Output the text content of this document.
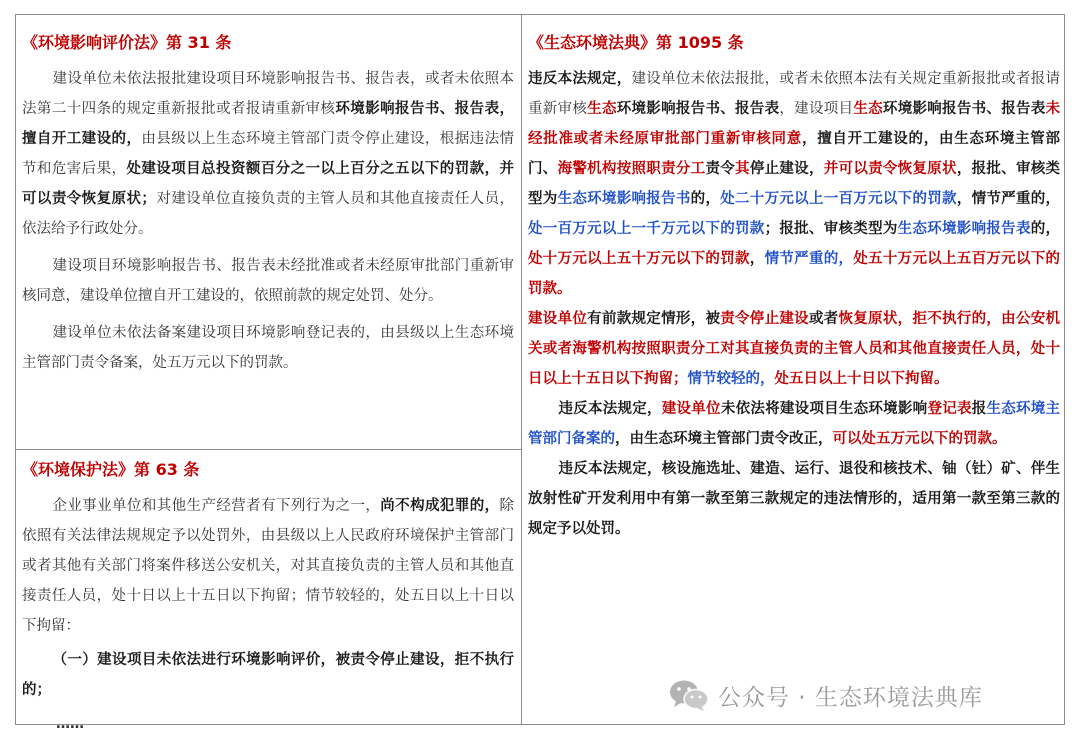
《环境影响评价法》第 31 条

建设单位未依法报批建设项目环境影响报告书、报告表，或者未依照本法第二十四条的规定重新报批或者报请重新审核环境影响报告书、报告表，擅自开工建设的，由县级以上生态环境主管部门责令停止建设，根据违法情节和危害后果，处建设项目总投资额百分之一以上百分之五以下的罚款，并可以责令恢复原状；对建设单位直接负责的主管人员和其他直接责任人员，依法给予行政处分。

建设项目环境影响报告书、报告表未经批准或者未经原审批部门重新审核同意，建设单位擅自开工建设的，依照前款的规定处罚、处分。

建设单位未依法备案建设项目环境影响登记表的，由县级以上生态环境主管部门责令备案，处五万元以下的罚款。

《环境保护法》第 63 条

企业事业单位和其他生产经营者有下列行为之一，尚不构成犯罪的，除依照有关法律法规规定予以处罚外，由县级以上人民政府环境保护主管部门或者其他有关部门将案件移送公安机关，对其直接负责的主管人员和其他直接责任人员，处十日以上十五日以下拘留；情节较轻的，处五日以上十日以下拘留：

（一）建设项目未依法进行环境影响评价，被责令停止建设，拒不执行的；

……
《生态环境法典》第 1095 条

违反本法规定，建设单位未依法报批，或者未依照本法有关规定重新报批或者报请重新审核生态环境影响报告书、报告表，建设项目生态环境影响报告书、报告表未经批准或者未经原审批部门重新审核同意，擅自开工建设的，由生态环境主管部门、海警机构按照职责分工责令其停止建设，并可以责令恢复原状，报批、审核类型为生态环境影响报告书的，处二十万元以上一百万元以下的罚款，情节严重的，处一百万元以上一千万元以下的罚款；报批、审核类型为生态环境影响报告表的，处十万元以上五十万元以下的罚款，情节严重的，处五十万元以上五百万元以下的罚款。

建设单位有前款规定情形，被责令停止建设或者恢复原状，拒不执行的，由公安机关或者海警机构按照职责分工对其直接负责的主管人员和其他直接责任人员，处十日以上十五日以下拘留；情节较轻的，处五日以上十日以下拘留。

违反本法规定，建设单位未依法将建设项目生态环境影响登记表报生态环境主管部门备案的，由生态环境主管部门责令改正，可以处五万元以下的罚款。

违反本法规定，核设施选址、建造、运行、退役和核技术、铀（钍）矿、伴生放射性矿开发利用中有第一款至第三款规定的违法情形的，适用第一款至第三款的规定予以处罚。

公众号 · 生态环境法典库
